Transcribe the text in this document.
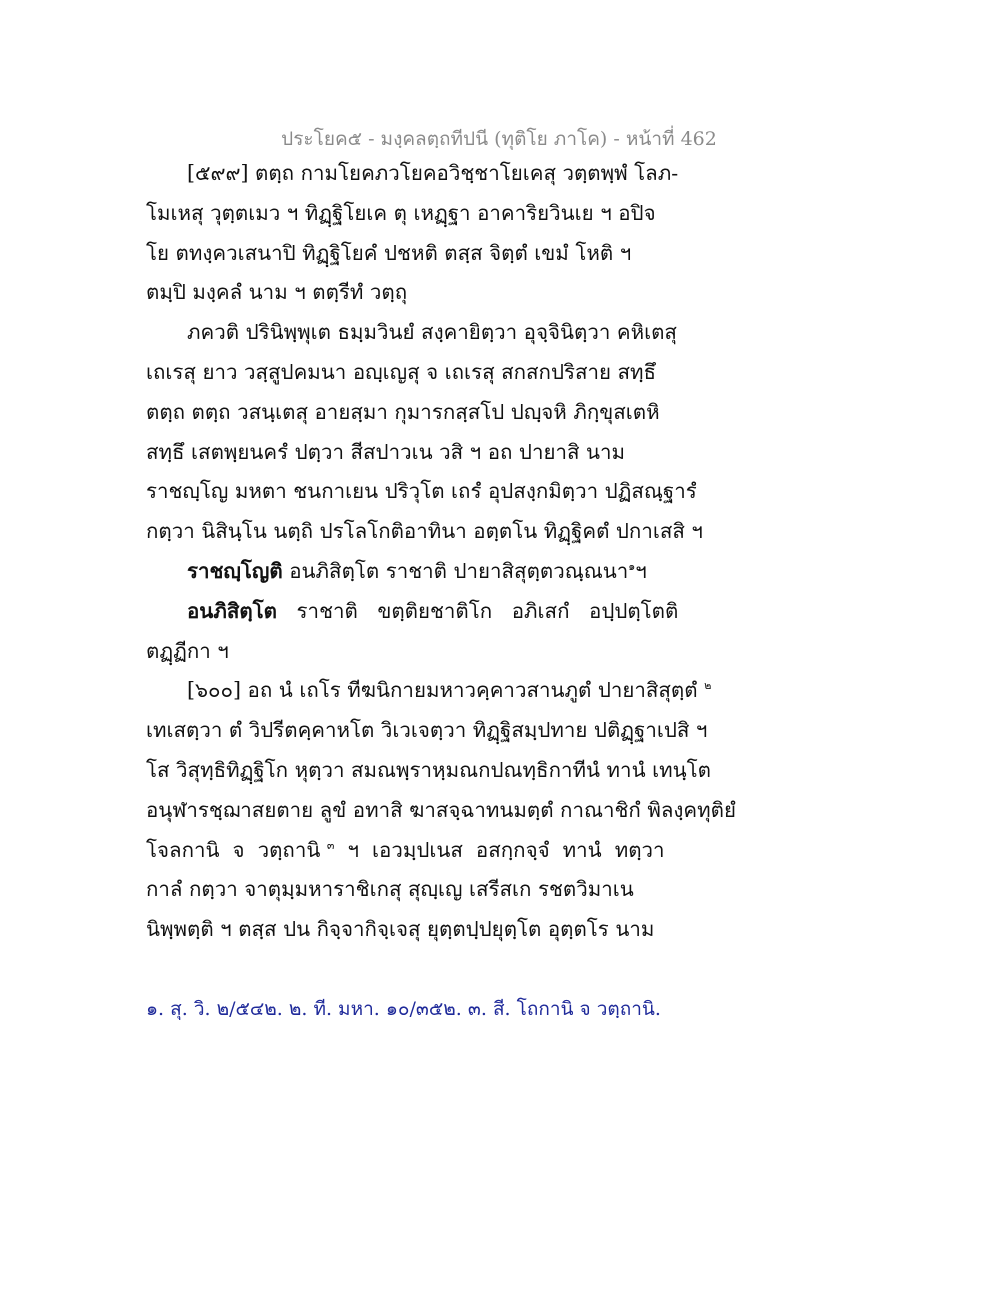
ประโยค๕ - มงฺคลตฺถทีปนี (ทุติโย ภาโค) - หน้าที่ 462
[๕๙๙] ตตฺถ กามโยคภวโยคอวิชฺชาโยเคสุ วตฺตพฺพํ โลภ-
โมเหสุ วุตฺตเมว ฯ ทิฏฺฐิโยเค ตุ เหฏฺฐา อาคาริยวินเย ฯ อปิจ
โย ตทงฺควเสนาปิ ทิฏฺฐิโยคํ ปชหติ ตสฺส จิตฺตํ เขมํ โหติ ฯ
ตมฺปิ มงฺคลํ นาม ฯ ตตฺรีทํ วตฺถุ
ภควติ ปรินิพฺพุเต ธมฺมวินยํ สงฺคายิตฺวา อุจฺจินิตฺวา คหิเตสุ
เถเรสุ ยาว วสฺสูปคมนา อญฺเญสุ จ เถเรสุ สกสกปริสาย สทฺธึ
ตตฺถ ตตฺถ วสนฺเตสุ อายสฺมา กุมารกสฺสโป ปญฺจหิ ภิกฺขุสเตหิ
สทฺธึ เสตพฺยนครํ ปตฺวา สีสปาวเน วสิ ฯ อถ ปายาสิ นาม
ราชญฺโญ มหตา ชนกาเยน ปริวุโต เถรํ อุปสงฺกมิตฺวา ปฏิสณฺฐารํ
กตฺวา นิสินฺโน นตฺถิ ปรโลโกติอาทินา อตฺตโน ทิฏฺฐิคตํ ปกาเสสิ ฯ
ราชญฺโญติ อนภิสิตฺโต ราชาติ ปายาสิสุตฺตวณฺณนา$^๑$ฯ
อนภิสิตฺโต   ราชาติ   ขตฺติยชาติโก   อภิเสกํ   อปฺปตฺโตติ
ตฏฺฏีกา ฯ
[๖๐๐] อถ นํ เถโร ทีฆนิกายมหาวคฺคาวสานภูตํ ปายาสิสุตฺตํ $^๒$
เทเสตฺวา ตํ วิปรีตคฺคาหโต วิเวเจตฺวา ทิฏฺฐิสมฺปทาย ปติฏฺฐาเปสิ ฯ
โส วิสุทฺธิทิฏฺฐิโก หุตฺวา สมณพฺราหฺมณกปณทฺธิกาทีนํ ทานํ เทนฺโต
อนุฬารชฺฌาสยตาย ลูขํ อทาสิ ฆาสจฺฉาทนมตฺตํ กาณาชิกํ พิลงฺคทุติยํ
โจลกานิ  จ  วตฺถานิ $^๓$  ฯ  เอวมฺปเนส  อสกฺกจฺจํ  ทานํ  ทตฺวา
กาลํ กตฺวา จาตุมฺมหาราชิเกสุ สุญฺเญ เสรีสเก รชตวิมาเน
นิพฺพตฺติ ฯ ตสฺส ปน กิจฺจากิจฺเจสุ ยุตฺตปฺปยุตฺโต อุตฺตโร นาม
๑. สุ. วิ. ๒/๕๔๒. ๒. ที. มหา. ๑๐/๓๕๒. ๓. สี. โถกานิ จ วตฺถานิ.
